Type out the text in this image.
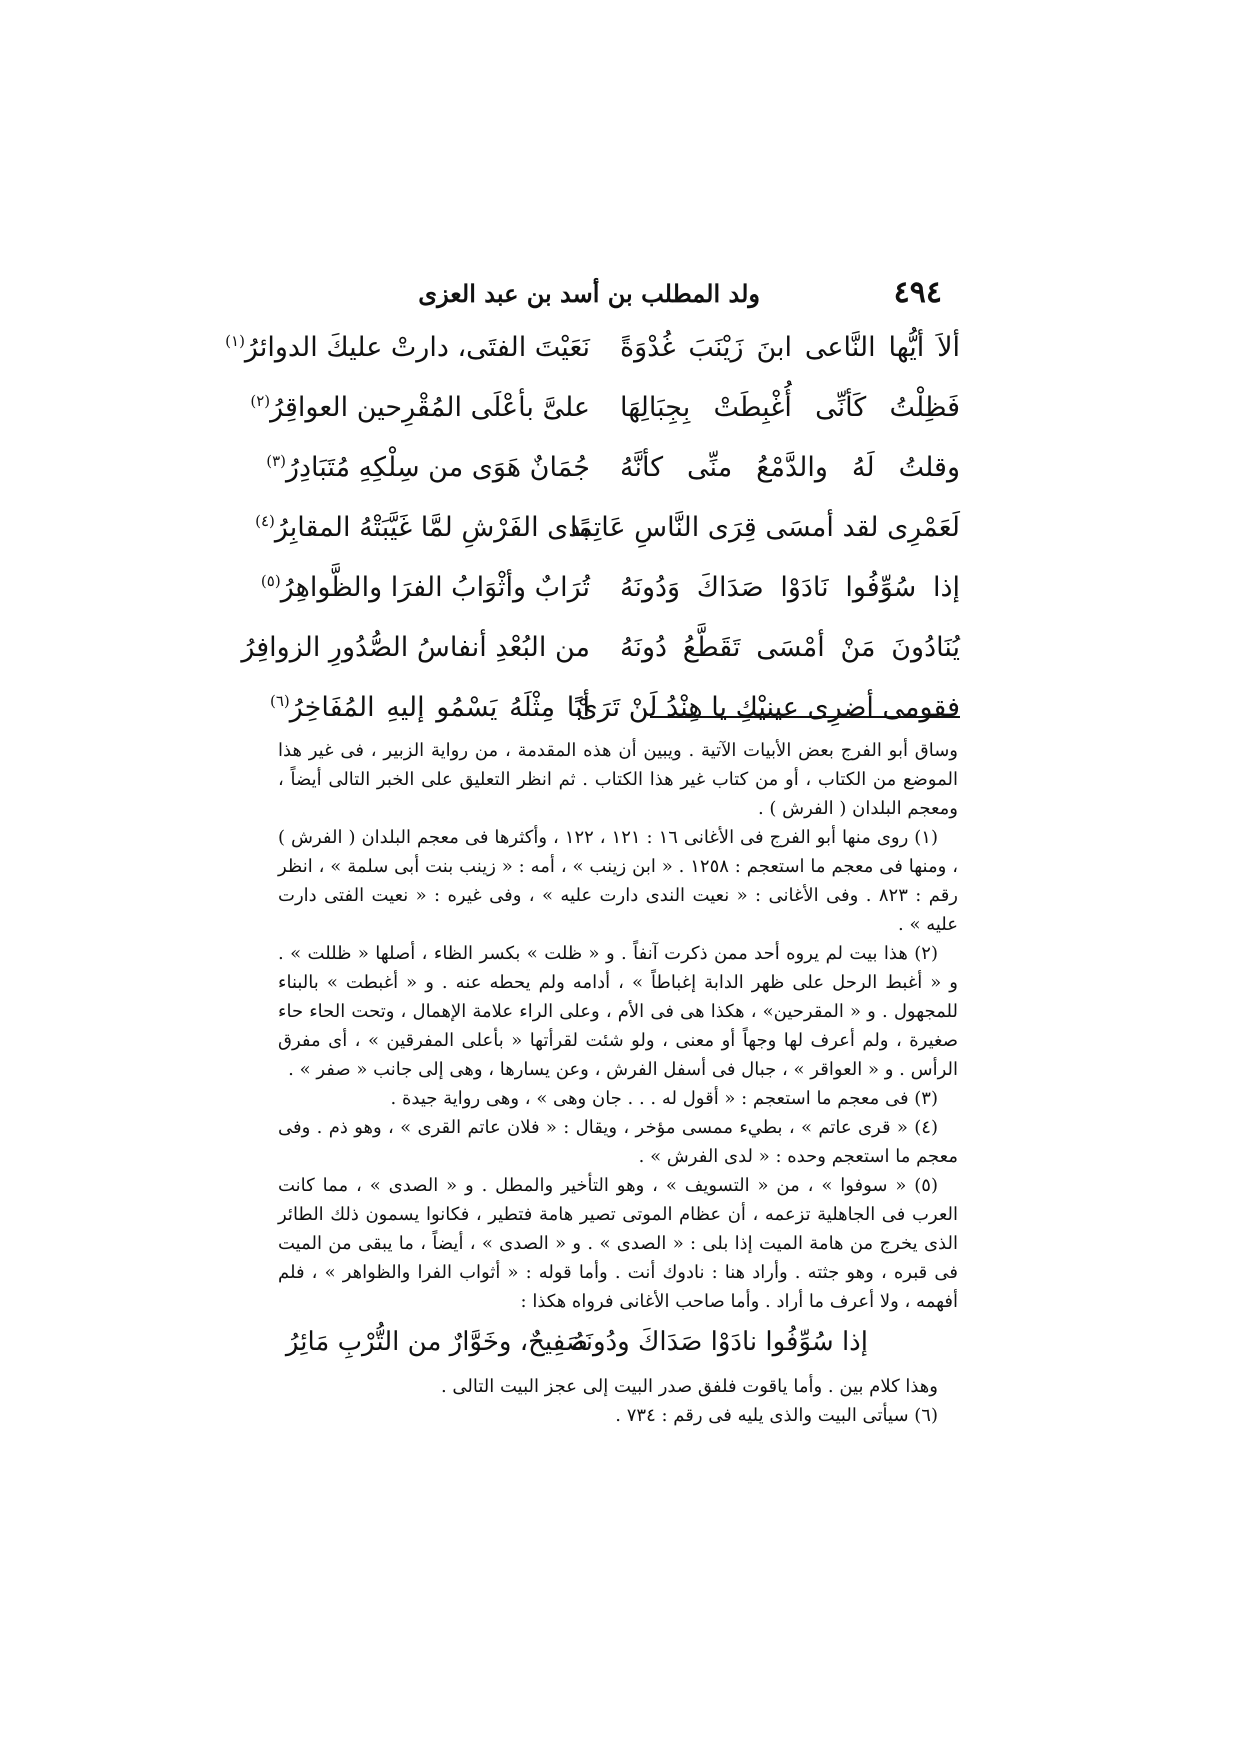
٤٩٤
ولد المطلب بن أسد بن عبد العزى
ألاَ أيُّها النَّاعى ابنَ زَيْنَبَ غُدْوَةً
نَعَيْتَ الفتَى، دارتْ عليكَ الدوائرُ$^{(١)}$
فَظِلْتُ كَأنِّى أُغْبِطَتْ بِجِبَالِهَا
علىَّ بأعْلَى المُقْرِحين العواقِرُ$^{(٢)}$
وقلتُ لَهُ والدَّمْعُ منِّى كأنَّهُ
جُمَانٌ هَوَى من سِلْكِهِ مُتَبَادِرُ$^{(٣)}$
لَعَمْرِى لقد أمسَى قِرَى النَّاسِ عَاتِمًا
بذى الفَرْشِ لمَّا غَيَّبَتْهُ المقابِرُ$^{(٤)}$
إذا سُوِّفُوا نَادَوْا صَدَاكَ وَدُونَهُ
تُرَابٌ وأثْوَابُ الفرَا والظَّواهِرُ$^{(٥)}$
يُنَادُونَ مَنْ أمْسَى تَقَطَّعُ دُونَهُ
من البُعْدِ أنفاسُ الصُّدُورِ الزوافِرُ
فقومى أضرِى عينيْكِ يا هِنْدُ لَنْ تَرَىْ
أبًا مِثْلَهُ يَسْمُو إليهِ المُفَاخِرُ$^{(٦)}$

وساق أبو الفرج بعض الأبيات الآتية . ويبين أن هذه المقدمة ، من رواية الزبير ، فى غير هذا الموضع من الكتاب ، أو من كتاب غير هذا الكتاب . ثم انظر التعليق على الخبر التالى أيضاً ، ومعجم البلدان ( الفرش ) .

(١) روى منها أبو الفرج فى الأغانى ١٦ : ١٢١ ، ١٢٢ ، وأكثرها فى معجم البلدان ( الفرش ) ، ومنها فى معجم ما استعجم : ١٢٥٨ . « ابن زينب » ، أمه : « زينب بنت أبى سلمة » ، انظر رقم : ٨٢٣ . وفى الأغانى : « نعيت الندى دارت عليه » ، وفى غيره : « نعيت الفتى دارت عليه » .

(٢) هذا بيت لم يروه أحد ممن ذكرت آنفاً . و « ظلت » بكسر الظاء ، أصلها « ظللت » . و « أغبط الرحل على ظهر الدابة إغباطاً » ، أدامه ولم يحطه عنه . و « أغبطت » بالبناء للمجهول . و « المقرحين» ، هكذا هى فى الأم ، وعلى الراء علامة الإهمال ، وتحت الحاء حاء صغيرة ، ولم أعرف لها وجهاً أو معنى ، ولو شئت لقرأتها « بأعلى المفرقين » ، أى مفرق الرأس . و « العواقر » ، جبال فى أسفل الفرش ، وعن يسارها ، وهى إلى جانب « صفر » .

(٣) فى معجم ما استعجم : « أقول له . . . جان وهى » ، وهى رواية جيدة .

(٤) « قرى عاتم » ، بطيء ممسى مؤخر ، ويقال : « فلان عاتم القرى » ، وهو ذم . وفى معجم ما استعجم وحده : « لدى الفرش » .

(٥) « سوفوا » ، من « التسويف » ، وهو التأخير والمطل . و « الصدى » ، مما كانت العرب فى الجاهلية تزعمه ، أن عظام الموتى تصير هامة فتطير ، فكانوا يسمون ذلك الطائر الذى يخرج من هامة الميت إذا بلى : « الصدى » . و « الصدى » ، أيضاً ، ما يبقى من الميت فى قبره ، وهو جثته . وأراد هنا : نادوك أنت . وأما قوله : « أثواب الفرا والظواهر » ، فلم أفهمه ، ولا أعرف ما أراد . وأما صاحب الأغانى فرواه هكذا :

إذا سُوِّفُوا نادَوْا صَدَاكَ ودُونَهُ
صَفِيحٌ، وخَوَّارٌ من التُّرْبِ مَائِرُ

وهذا كلام بين . وأما ياقوت فلفق صدر البيت إلى عجز البيت التالى .

(٦) سيأتى البيت والذى يليه فى رقم : ٧٣٤ .
